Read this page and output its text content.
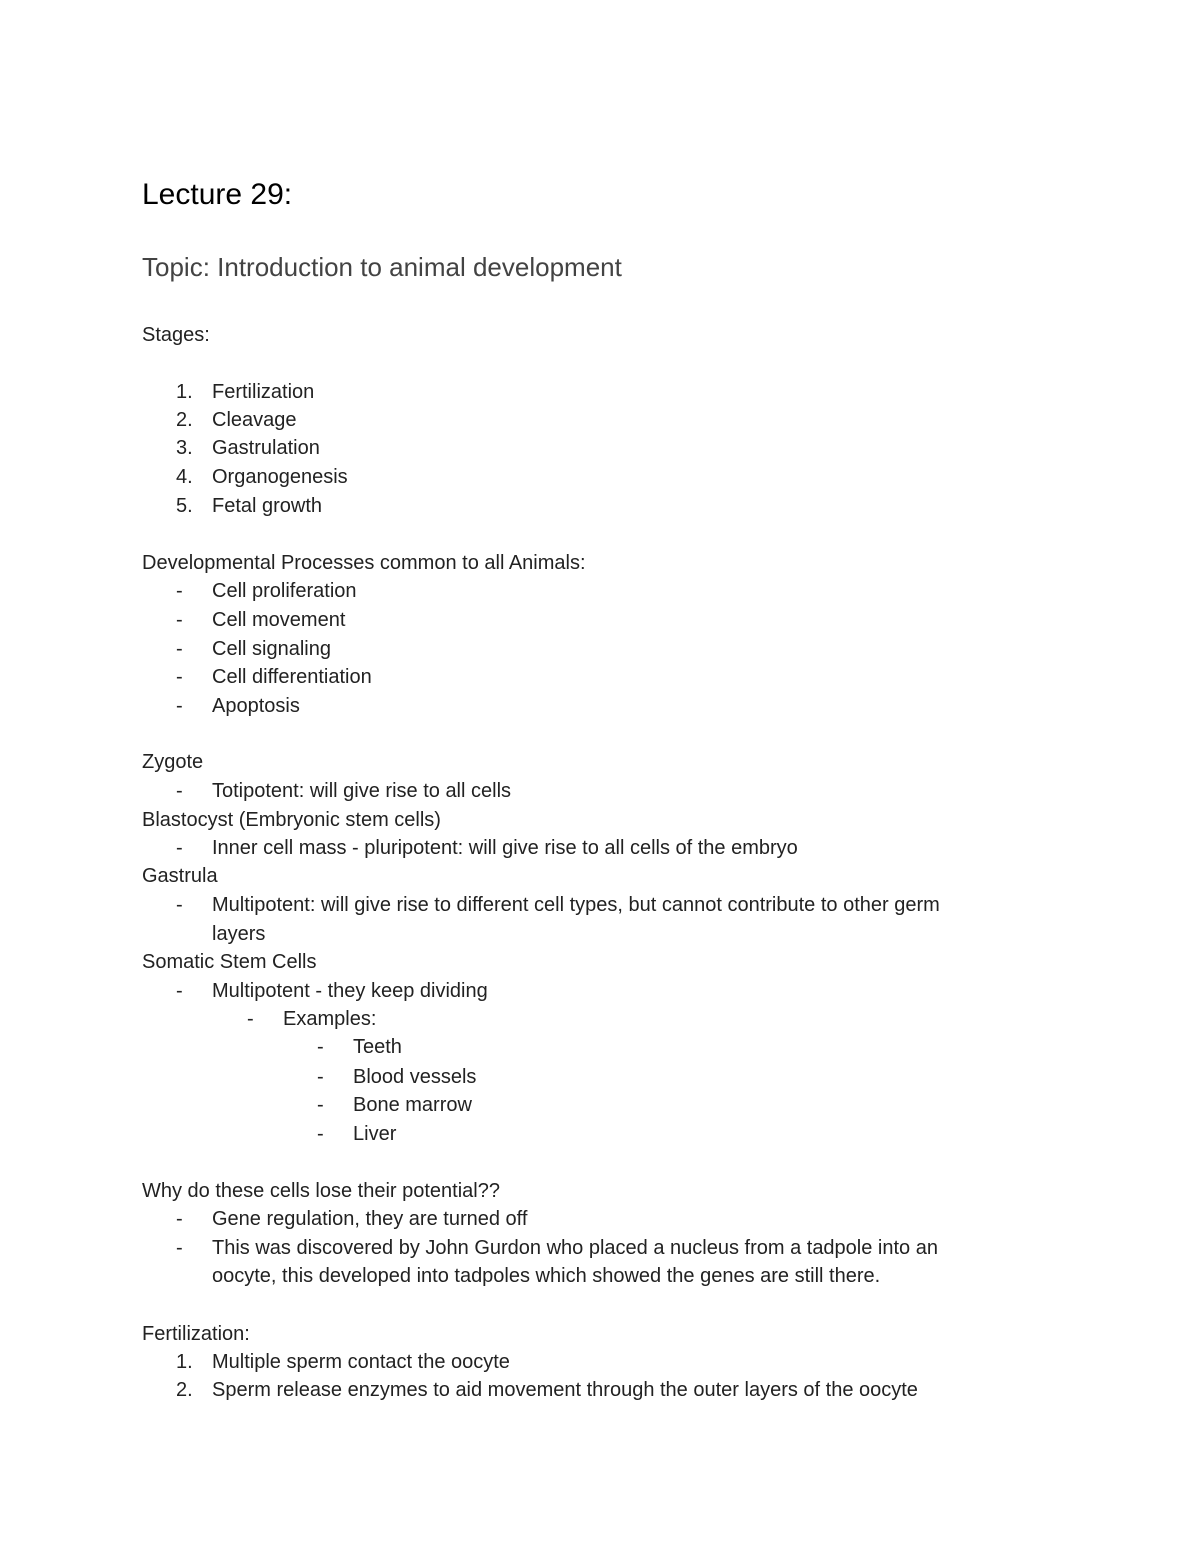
Lecture 29:
Topic: Introduction to animal development
Stages:
1. Fertilization
2. Cleavage
3. Gastrulation
4. Organogenesis
5. Fetal growth
Developmental Processes common to all Animals:
- Cell proliferation
- Cell movement
- Cell signaling
- Cell differentiation
- Apoptosis
Zygote
- Totipotent: will give rise to all cells
Blastocyst (Embryonic stem cells)
- Inner cell mass - pluripotent: will give rise to all cells of the embryo
Gastrula
- Multipotent: will give rise to different cell types, but cannot contribute to other germ
layers
Somatic Stem Cells
- Multipotent - they keep dividing
- Examples:
- Teeth
- Blood vessels
- Bone marrow
- Liver
Why do these cells lose their potential??
- Gene regulation, they are turned off
- This was discovered by John Gurdon who placed a nucleus from a tadpole into an
oocyte, this developed into tadpoles which showed the genes are still there.
Fertilization:
1. Multiple sperm contact the oocyte
2. Sperm release enzymes to aid movement through the outer layers of the oocyte
